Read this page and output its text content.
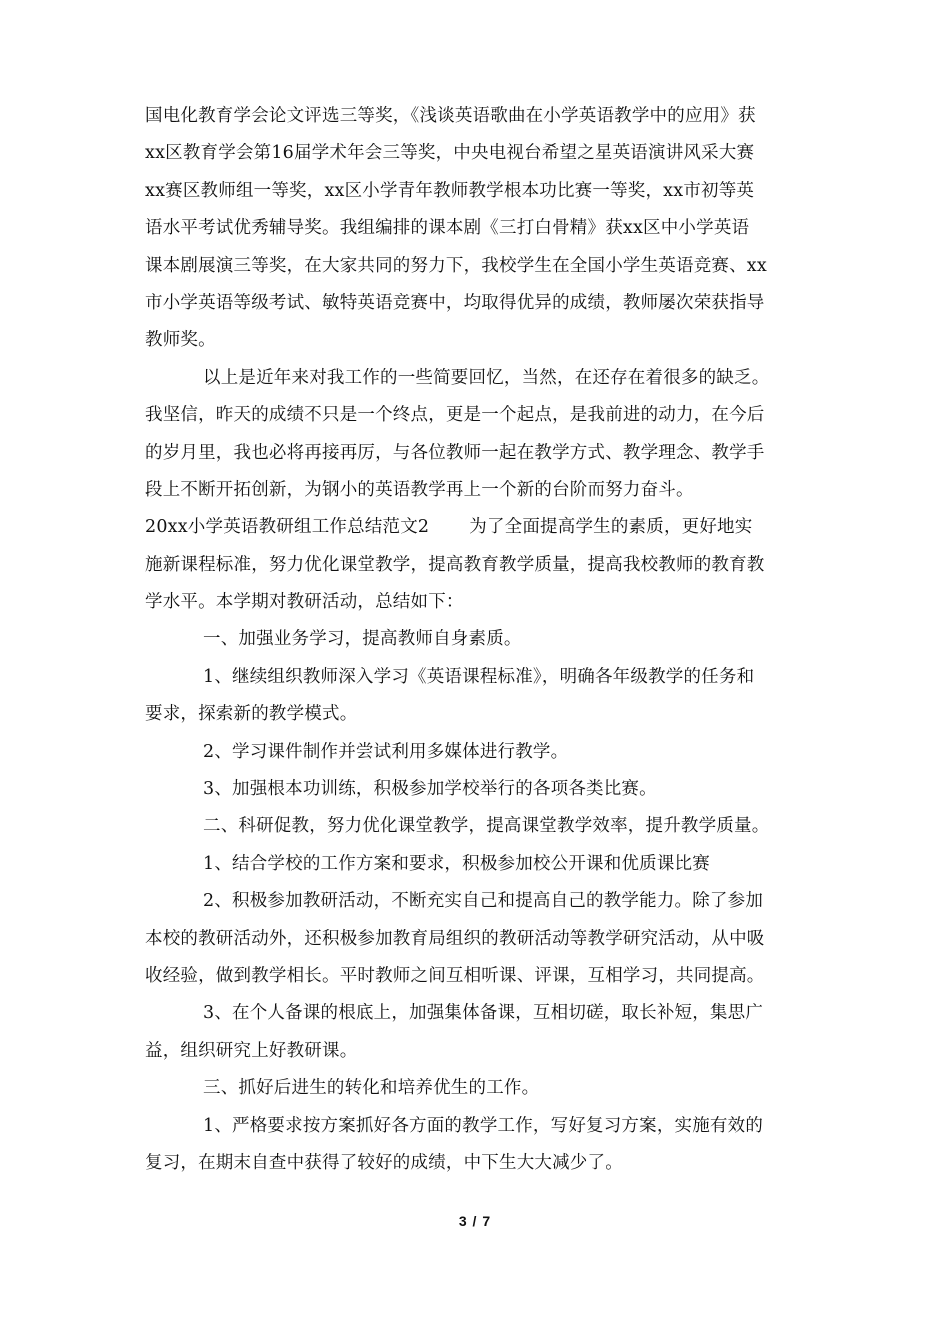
国电化教育学会论文评选三等奖，《浅谈英语歌曲在小学英语教学中的应用》获
xx区教育学会第16届学术年会三等奖，中央电视台希望之星英语演讲风采大赛
xx赛区教师组一等奖，xx区小学青年教师教学根本功比赛一等奖，xx市初等英
语水平考试优秀辅导奖。我组编排的课本剧《三打白骨精》获xx区中小学英语
课本剧展演三等奖，在大家共同的努力下，我校学生在全国小学生英语竞赛、xx
市小学英语等级考试、敏特英语竞赛中，均取得优异的成绩，教师屡次荣获指导
教师奖。
以上是近年来对我工作的一些简要回忆，当然，在还存在着很多的缺乏。
我坚信，昨天的成绩不只是一个终点，更是一个起点，是我前进的动力，在今后
的岁月里，我也必将再接再厉，与各位教师一起在教学方式、教学理念、教学手
段上不断开拓创新，为钢小的英语教学再上一个新的台阶而努力奋斗。
20xx小学英语教研组工作总结范文2 为了全面提高学生的素质，更好地实
施新课程标准，努力优化课堂教学，提高教育教学质量，提高我校教师的教育教
学水平。本学期对教研活动，总结如下：
一、加强业务学习，提高教师自身素质。
1、继续组织教师深入学习《英语课程标准》，明确各年级教学的任务和
要求，探索新的教学模式。
2、学习课件制作并尝试利用多媒体进行教学。
3、加强根本功训练，积极参加学校举行的各项各类比赛。
二、科研促教，努力优化课堂教学，提高课堂教学效率，提升教学质量。
1、结合学校的工作方案和要求，积极参加校公开课和优质课比赛
2、积极参加教研活动，不断充实自己和提高自己的教学能力。除了参加
本校的教研活动外，还积极参加教育局组织的教研活动等教学研究活动，从中吸
收经验，做到教学相长。平时教师之间互相听课、评课，互相学习，共同提高。
3、在个人备课的根底上，加强集体备课，互相切磋，取长补短，集思广
益，组织研究上好教研课。
三、抓好后进生的转化和培养优生的工作。
1、严格要求按方案抓好各方面的教学工作，写好复习方案，实施有效的
复习，在期末自查中获得了较好的成绩，中下生大大减少了。
3 / 7
